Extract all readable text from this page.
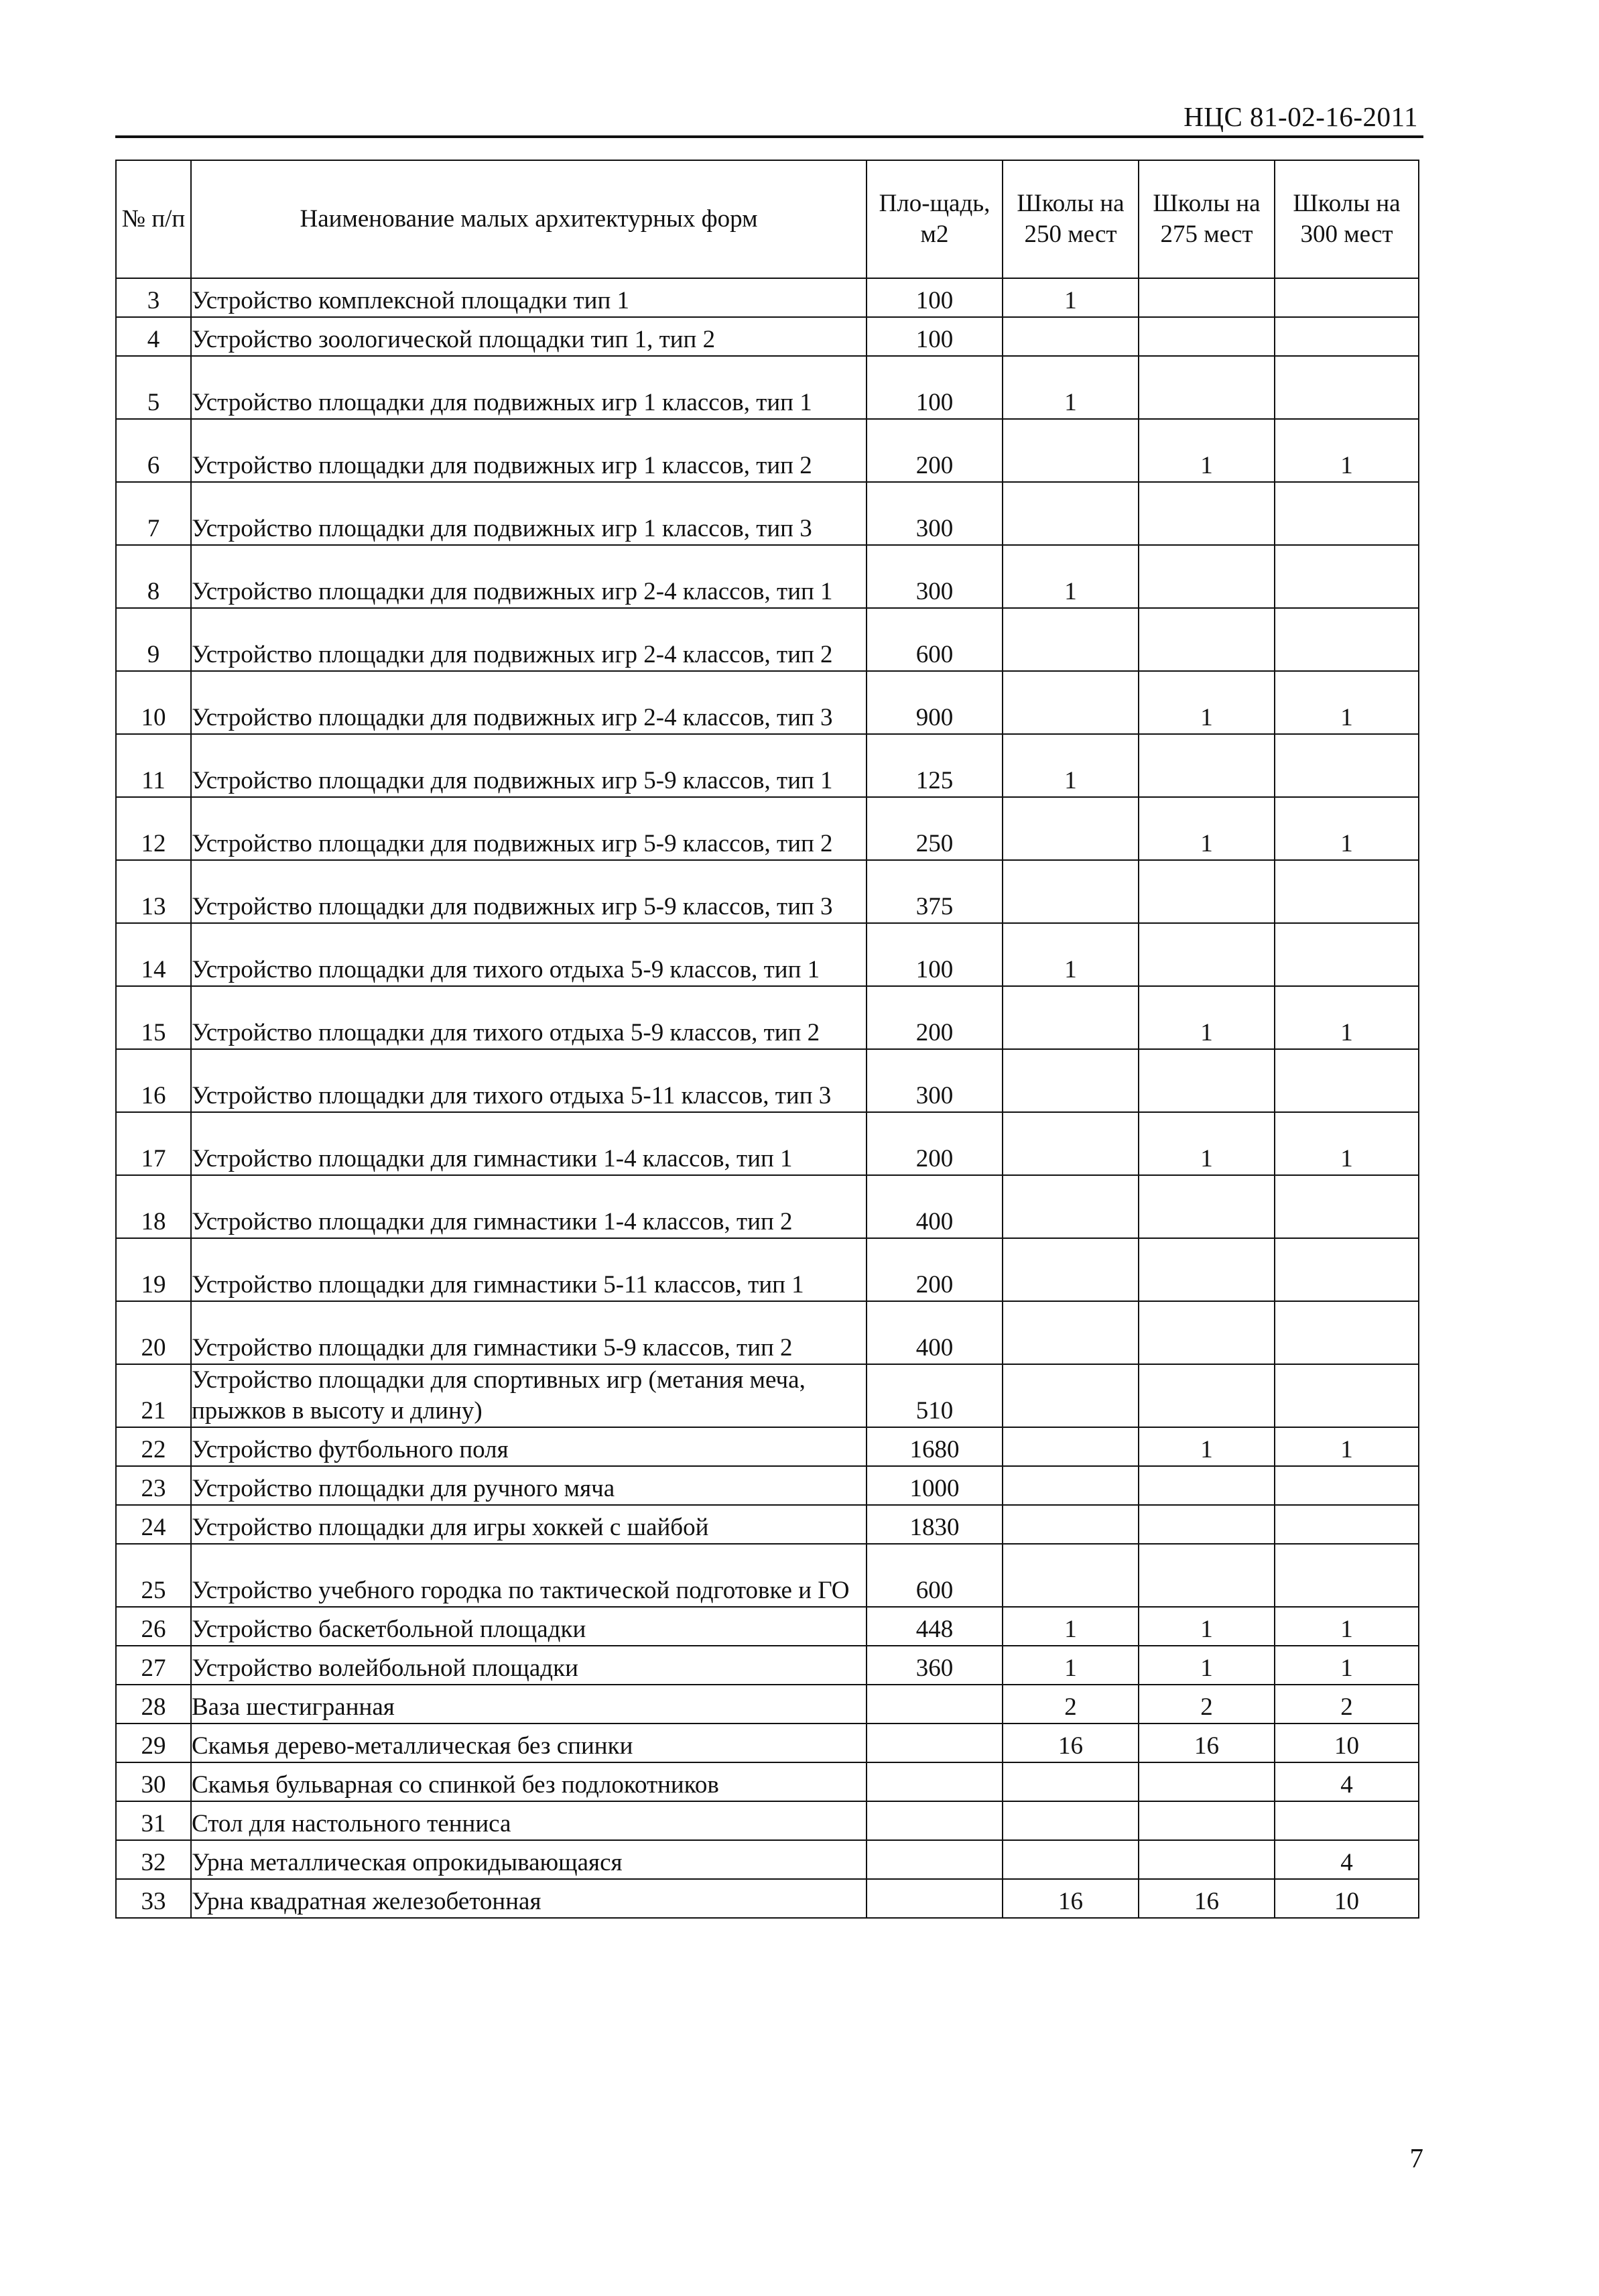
НЦС 81-02-16-2011
№ п/п	Наименование малых архитектурных форм	Пло-щадь, м2	Школы на 250 мест	Школы на 275 мест	Школы на 300 мест
3	Устройство комплексной площадки тип 1	100	1		
4	Устройство зоологической площадки тип 1, тип 2	100			
5	Устройство площадки для подвижных игр 1 классов, тип 1	100	1		
6	Устройство площадки для подвижных игр 1 классов, тип 2	200		1	1
7	Устройство площадки для подвижных игр 1 классов, тип 3	300			
8	Устройство площадки для подвижных игр 2-4 классов, тип 1	300	1		
9	Устройство площадки для подвижных игр 2-4 классов, тип 2	600			
10	Устройство площадки для подвижных игр 2-4 классов, тип 3	900		1	1
11	Устройство площадки для подвижных игр 5-9 классов, тип 1	125	1		
12	Устройство площадки для подвижных игр 5-9 классов, тип 2	250		1	1
13	Устройство площадки для подвижных игр 5-9 классов, тип 3	375			
14	Устройство площадки для тихого отдыха 5-9 классов, тип 1	100	1		
15	Устройство площадки для тихого отдыха 5-9 классов, тип 2	200		1	1
16	Устройство площадки для тихого отдыха 5-11 классов, тип 3	300			
17	Устройство площадки для гимнастики 1-4 классов, тип 1	200		1	1
18	Устройство площадки для гимнастики 1-4 классов, тип 2	400			
19	Устройство площадки для гимнастики 5-11 классов, тип 1	200			
20	Устройство площадки для гимнастики 5-9 классов, тип 2	400			
21	Устройство площадки для спортивных игр (метания меча, прыжков в высоту и длину)	510			
22	Устройство футбольного поля	1680		1	1
23	Устройство площадки для ручного мяча	1000			
24	Устройство площадки для игры хоккей с шайбой	1830			
25	Устройство учебного городка по тактической подготовке и ГО	600			
26	Устройство баскетбольной площадки	448	1	1	1
27	Устройство волейбольной площадки	360	1	1	1
28	Ваза шестигранная		2	2	2
29	Скамья дерево-металлическая без спинки		16	16	10
30	Скамья бульварная со спинкой без подлокотников				4
31	Стол для настольного тенниса				
32	Урна металлическая опрокидывающаяся				4
33	Урна квадратная железобетонная		16	16	10
7
